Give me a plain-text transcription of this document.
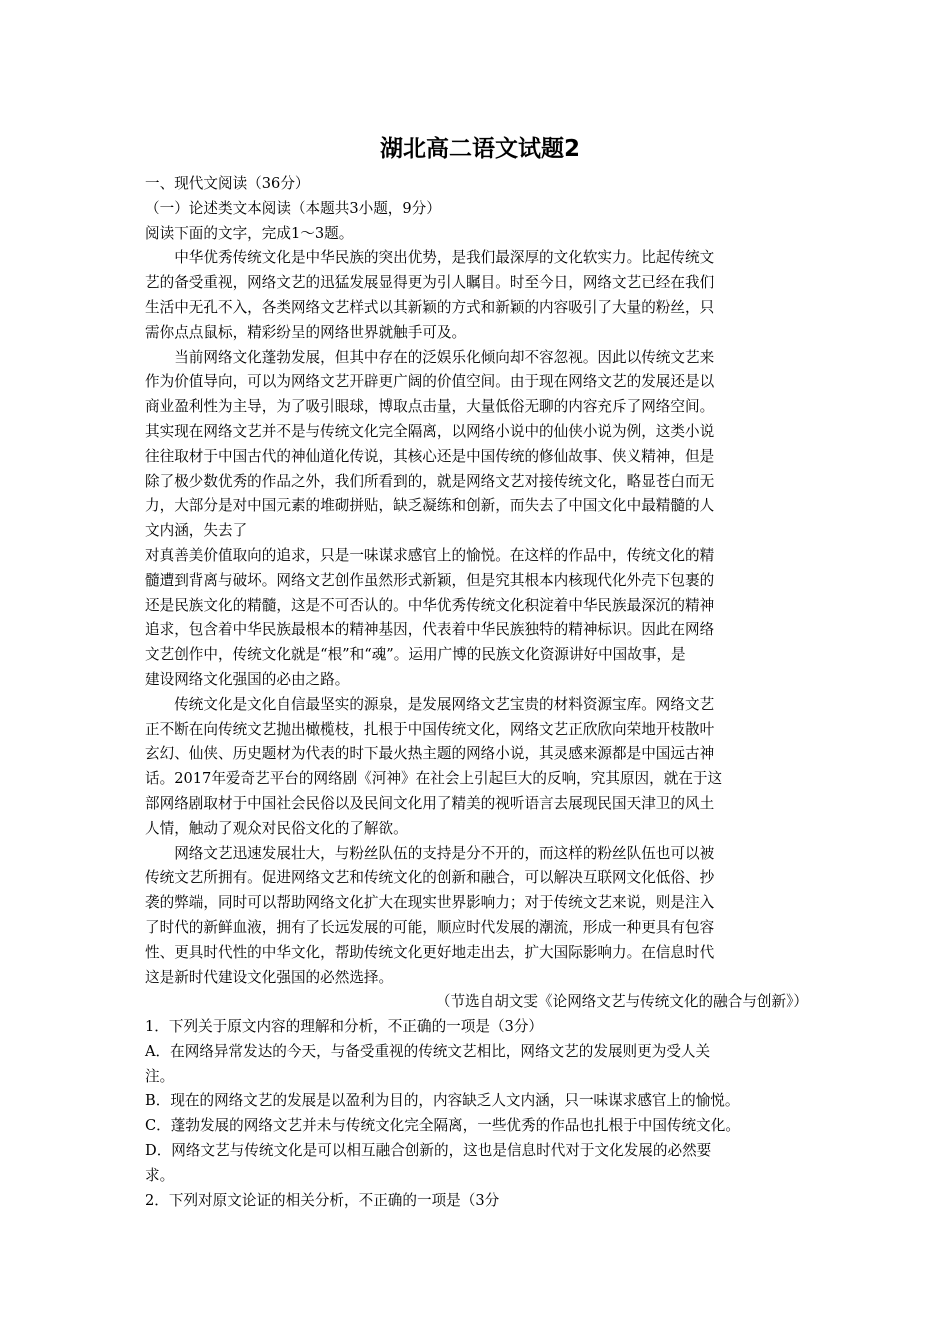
湖北高二语文试题2

一、现代文阅读（36分）

（一）论述类文本阅读（本题共3小题，9分）

阅读下面的文字，完成1～3题。

中华优秀传统文化是中华民族的突出优势，是我们最深厚的文化软实力。比起传统文
艺的备受重视，网络文艺的迅猛发展显得更为引人瞩目。时至今日，网络文艺已经在我们
生活中无孔不入，各类网络文艺样式以其新颖的方式和新颖的内容吸引了大量的粉丝，只
需你点点鼠标，精彩纷呈的网络世界就触手可及。

当前网络文化蓬勃发展，但其中存在的泛娱乐化倾向却不容忽视。因此以传统文艺来
作为价值导向，可以为网络文艺开辟更广阔的价值空间。由于现在网络文艺的发展还是以
商业盈利性为主导，为了吸引眼球，博取点击量，大量低俗无聊的内容充斥了网络空间。
其实现在网络文艺并不是与传统文化完全隔离，以网络小说中的仙侠小说为例，这类小说
往往取材于中国古代的神仙道化传说，其核心还是中国传统的修仙故事、侠义精神，但是
除了极少数优秀的作品之外，我们所看到的，就是网络文艺对接传统文化，略显苍白而无
力，大部分是对中国元素的堆砌拼贴，缺乏凝练和创新，而失去了中国文化中最精髓的人
文内涵，失去了

对真善美价值取向的追求，只是一味谋求感官上的愉悦。在这样的作品中，传统文化的精
髓遭到背离与破坏。网络文艺创作虽然形式新颖，但是究其根本内核现代化外壳下包裹的
还是民族文化的精髓，这是不可否认的。中华优秀传统文化积淀着中华民族最深沉的精神
追求，包含着中华民族最根本的精神基因，代表着中华民族独特的精神标识。因此在网络
文艺创作中，传统文化就是“根”和“魂”。运用广博的民族文化资源讲好中国故事，是
建设网络文化强国的必由之路。

传统文化是文化自信最坚实的源泉，是发展网络文艺宝贵的材料资源宝库。网络文艺
正不断在向传统文艺抛出橄榄枝，扎根于中国传统文化，网络文艺正欣欣向荣地开枝散叶
玄幻、仙侠、历史题材为代表的时下最火热主题的网络小说，其灵感来源都是中国远古神
话。2017年爱奇艺平台的网络剧《河神》在社会上引起巨大的反响，究其原因，就在于这
部网络剧取材于中国社会民俗以及民间文化用了精美的视听语言去展现民国天津卫的风土
人情，触动了观众对民俗文化的了解欲。

网络文艺迅速发展壮大，与粉丝队伍的支持是分不开的，而这样的粉丝队伍也可以被
传统文艺所拥有。促进网络文艺和传统文化的创新和融合，可以解决互联网文化低俗、抄
袭的弊端，同时可以帮助网络文化扩大在现实世界影响力；对于传统文艺来说，则是注入
了时代的新鲜血液，拥有了长远发展的可能，顺应时代发展的潮流，形成一种更具有包容
性、更具时代性的中华文化，帮助传统文化更好地走出去，扩大国际影响力。在信息时代
这是新时代建设文化强国的必然选择。

（节选自胡文雯《论网络文艺与传统文化的融合与创新》）

1．下列关于原文内容的理解和分析，不正确的一项是（3分）

A．在网络异常发达的今天，与备受重视的传统文艺相比，网络文艺的发展则更为受人关
注。

B．现在的网络文艺的发展是以盈利为目的，内容缺乏人文内涵，只一味谋求感官上的愉悦。

C．蓬勃发展的网络文艺并未与传统文化完全隔离，一些优秀的作品也扎根于中国传统文化。

D．网络文艺与传统文化是可以相互融合创新的，这也是信息时代对于文化发展的必然要
求。

2．下列对原文论证的相关分析，不正确的一项是（3分
